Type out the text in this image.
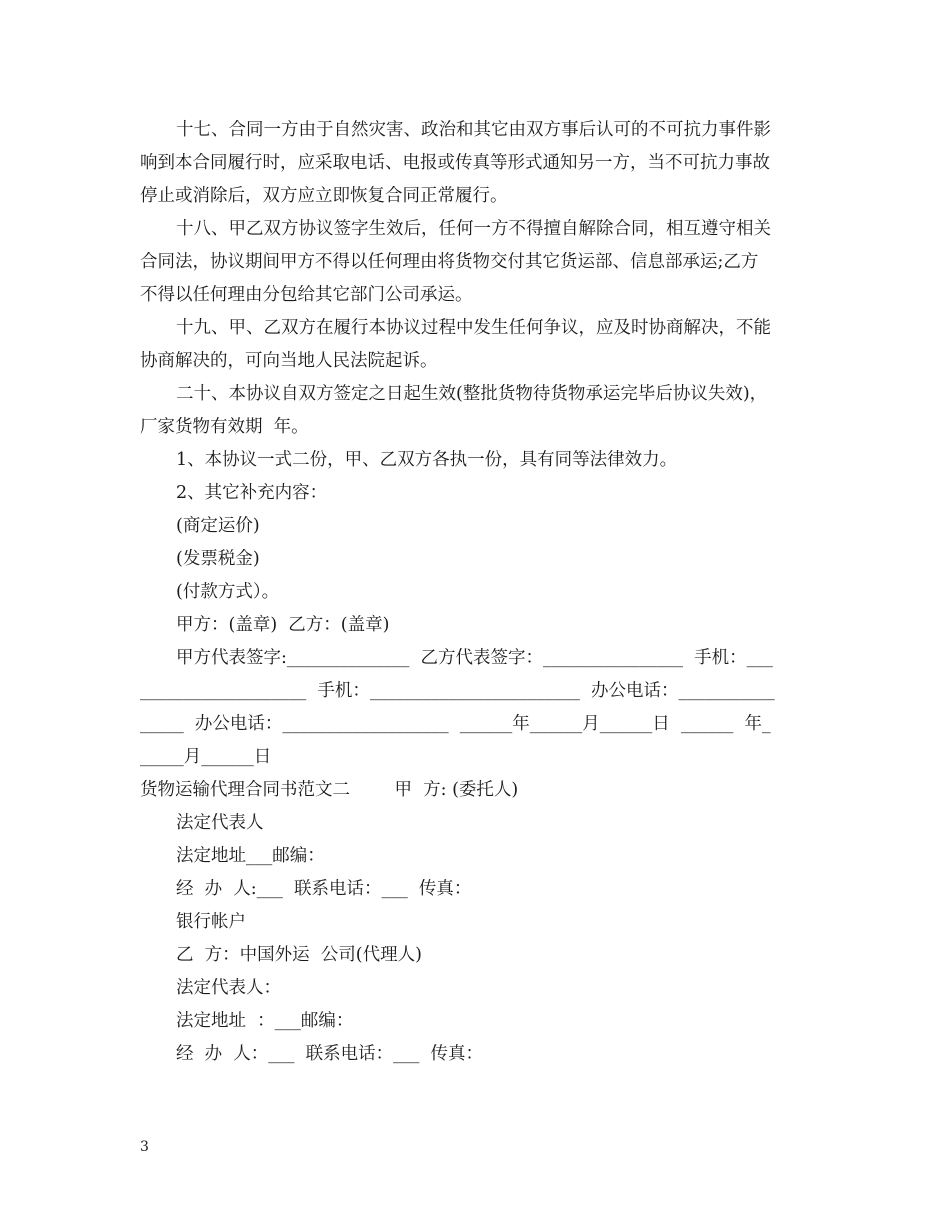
十七、合同一方由于自然灾害、政治和其它由双方事后认可的不可抗力事件影
响到本合同履行时，应采取电话、电报或传真等形式通知另一方，当不可抗力事故
停止或消除后，双方应立即恢复合同正常履行。
十八、甲乙双方协议签字生效后，任何一方不得擅自解除合同，相互遵守相关
合同法，协议期间甲方不得以任何理由将货物交付其它货运部、信息部承运;乙方
不得以任何理由分包给其它部门公司承运。
十九、甲、乙双方在履行本协议过程中发生任何争议，应及时协商解决，不能
协商解决的，可向当地人民法院起诉。
二十、本协议自双方签定之日起生效(整批货物待货物承运完毕后协议失效)，
厂家货物有效期  年。
1、本协议一式二份，甲、乙双方各执一份，具有同等法律效力。
2、其它补充内容：
(商定运价)
(发票税金)
(付款方式）。
甲方：(盖章)  乙方：(盖章)
甲方代表签字:______________  乙方代表签字：________________  手机：___
___________________  手机：________________________  办公电话：___________
_____  办公电话：___________________  ______年______月______日  ______  年_
_____月______日
货物运输代理合同书范文二        甲  方: (委托人)
法定代表人
法定地址___邮编：
经  办  人:___  联系电话：___  传真：
银行帐户
乙  方：中国外运  公司(代理人)
法定代表人：
法定地址  ：___邮编：
经  办  人：___  联系电话：___  传真：
3
